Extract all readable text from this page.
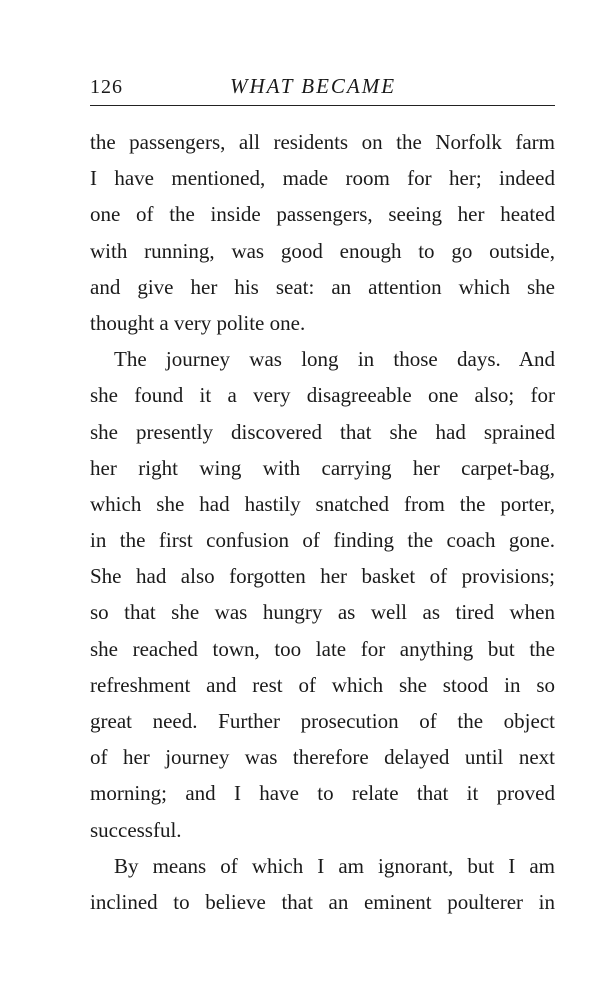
126	WHAT BECAME
the passengers, all residents on the Norfolk farm
I have mentioned, made room for her; indeed
one of the inside passengers, seeing her heated
with running, was good enough to go outside,
and give her his seat: an attention which she
thought a very polite one.
The journey was long in those days. And
she found it a very disagreeable one also; for
she presently discovered that she had sprained
her right wing with carrying her carpet-bag,
which she had hastily snatched from the porter,
in the first confusion of finding the coach gone.
She had also forgotten her basket of provisions;
so that she was hungry as well as tired when
she reached town, too late for anything but the
refreshment and rest of which she stood in so
great need. Further prosecution of the object
of her journey was therefore delayed until next
morning; and I have to relate that it proved
successful.
By means of which I am ignorant, but I am
inclined to believe that an eminent poulterer in
